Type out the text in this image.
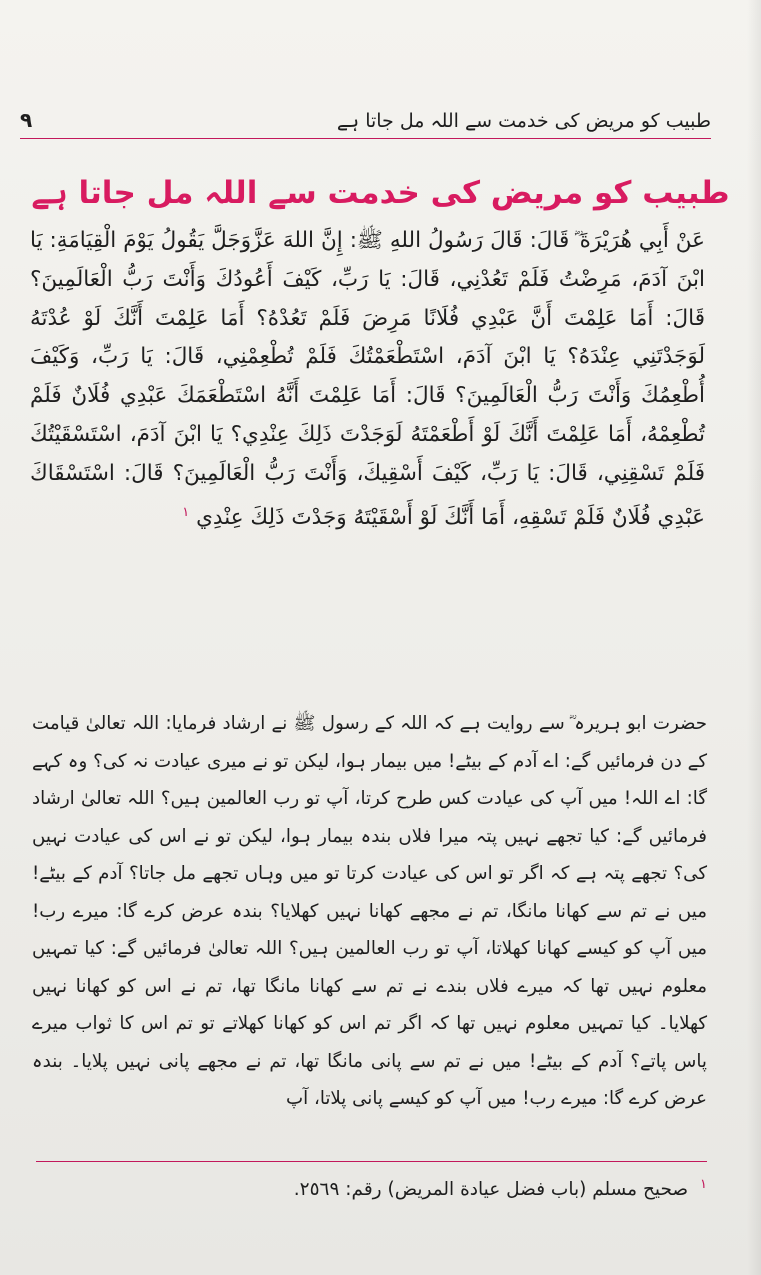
۹	طبیب کو مریض کی خدمت سے اللہ مل جاتا ہے
طبیب کو مریض کی خدمت سے اللہ مل جاتا ہے
عَنْ أَبِي هُرَيْرَةَ ؓ قَالَ: قَالَ رَسُولُ اللهِ ﷺ: إِنَّ اللهَ عَزَّوَجَلَّ يَقُولُ يَوْمَ الْقِيَامَةِ: يَا ابْنَ آدَمَ، مَرِضْتُ فَلَمْ تَعُدْنِي، قَالَ: يَا رَبِّ، كَيْفَ أَعُودُكَ وَأَنْتَ رَبُّ الْعَالَمِينَ؟ قَالَ: أَمَا عَلِمْتَ أَنَّ عَبْدِي فُلَانًا مَرِضَ فَلَمْ تَعُدْهُ؟ أَمَا عَلِمْتَ أَنَّكَ لَوْ عُدْتَهُ لَوَجَدْتَنِي عِنْدَهُ؟ يَا ابْنَ آدَمَ، اسْتَطْعَمْتُكَ فَلَمْ تُطْعِمْنِي، قَالَ: يَا رَبِّ، وَكَيْفَ أُطْعِمُكَ وَأَنْتَ رَبُّ الْعَالَمِينَ؟ قَالَ: أَمَا عَلِمْتَ أَنَّهُ اسْتَطْعَمَكَ عَبْدِي فُلَانٌ فَلَمْ تُطْعِمْهُ، أَمَا عَلِمْتَ أَنَّكَ لَوْ أَطْعَمْتَهُ لَوَجَدْتَ ذَلِكَ عِنْدِي؟ يَا ابْنَ آدَمَ، اسْتَسْقَيْتُكَ فَلَمْ تَسْقِنِي، قَالَ: يَا رَبِّ، كَيْفَ أَسْقِيكَ، وَأَنْتَ رَبُّ الْعَالَمِينَ؟ قَالَ: اسْتَسْقَاكَ عَبْدِي فُلَانٌ فَلَمْ تَسْقِهِ، أَمَا أَنَّكَ لَوْ أَسْقَيْتَهُ وَجَدْتَ ذَلِكَ عِنْدِي $^١$
حضرت ابو ہریرہ ؓ سے روایت ہے کہ اللہ کے رسول ﷺ نے ارشاد فرمایا: اللہ تعالیٰ قیامت کے دن فرمائیں گے: اے آدم کے بیٹے! میں بیمار ہوا، لیکن تو نے میری عیادت نہ کی؟ وہ کہے گا: اے اللہ! میں آپ کی عیادت کس طرح کرتا، آپ تو رب العالمین ہیں؟ اللہ تعالیٰ ارشاد فرمائیں گے: کیا تجھے نہیں پتہ میرا فلاں بندہ بیمار ہوا، لیکن تو نے اس کی عیادت نہیں کی؟ تجھے پتہ ہے کہ اگر تو اس کی عیادت کرتا تو میں وہاں تجھے مل جاتا؟ آدم کے بیٹے! میں نے تم سے کھانا مانگا، تم نے مجھے کھانا نہیں کھلایا؟ بندہ عرض کرے گا: میرے رب! میں آپ کو کیسے کھانا کھلاتا، آپ تو رب العالمین ہیں؟ اللہ تعالیٰ فرمائیں گے: کیا تمہیں معلوم نہیں تھا کہ میرے فلاں بندے نے تم سے کھانا مانگا تھا، تم نے اس کو کھانا نہیں کھلایا۔ کیا تمہیں معلوم نہیں تھا کہ اگر تم اس کو کھانا کھلاتے تو تم اس کا ثواب میرے پاس پاتے؟ آدم کے بیٹے! میں نے تم سے پانی مانگا تھا، تم نے مجھے پانی نہیں پلایا۔ بندہ عرض کرے گا: میرے رب! میں آپ کو کیسے پانی پلاتا، آپ
$^١$ صحيح مسلم (باب فضل عيادة المريض) رقم: ٢٥٦٩.
